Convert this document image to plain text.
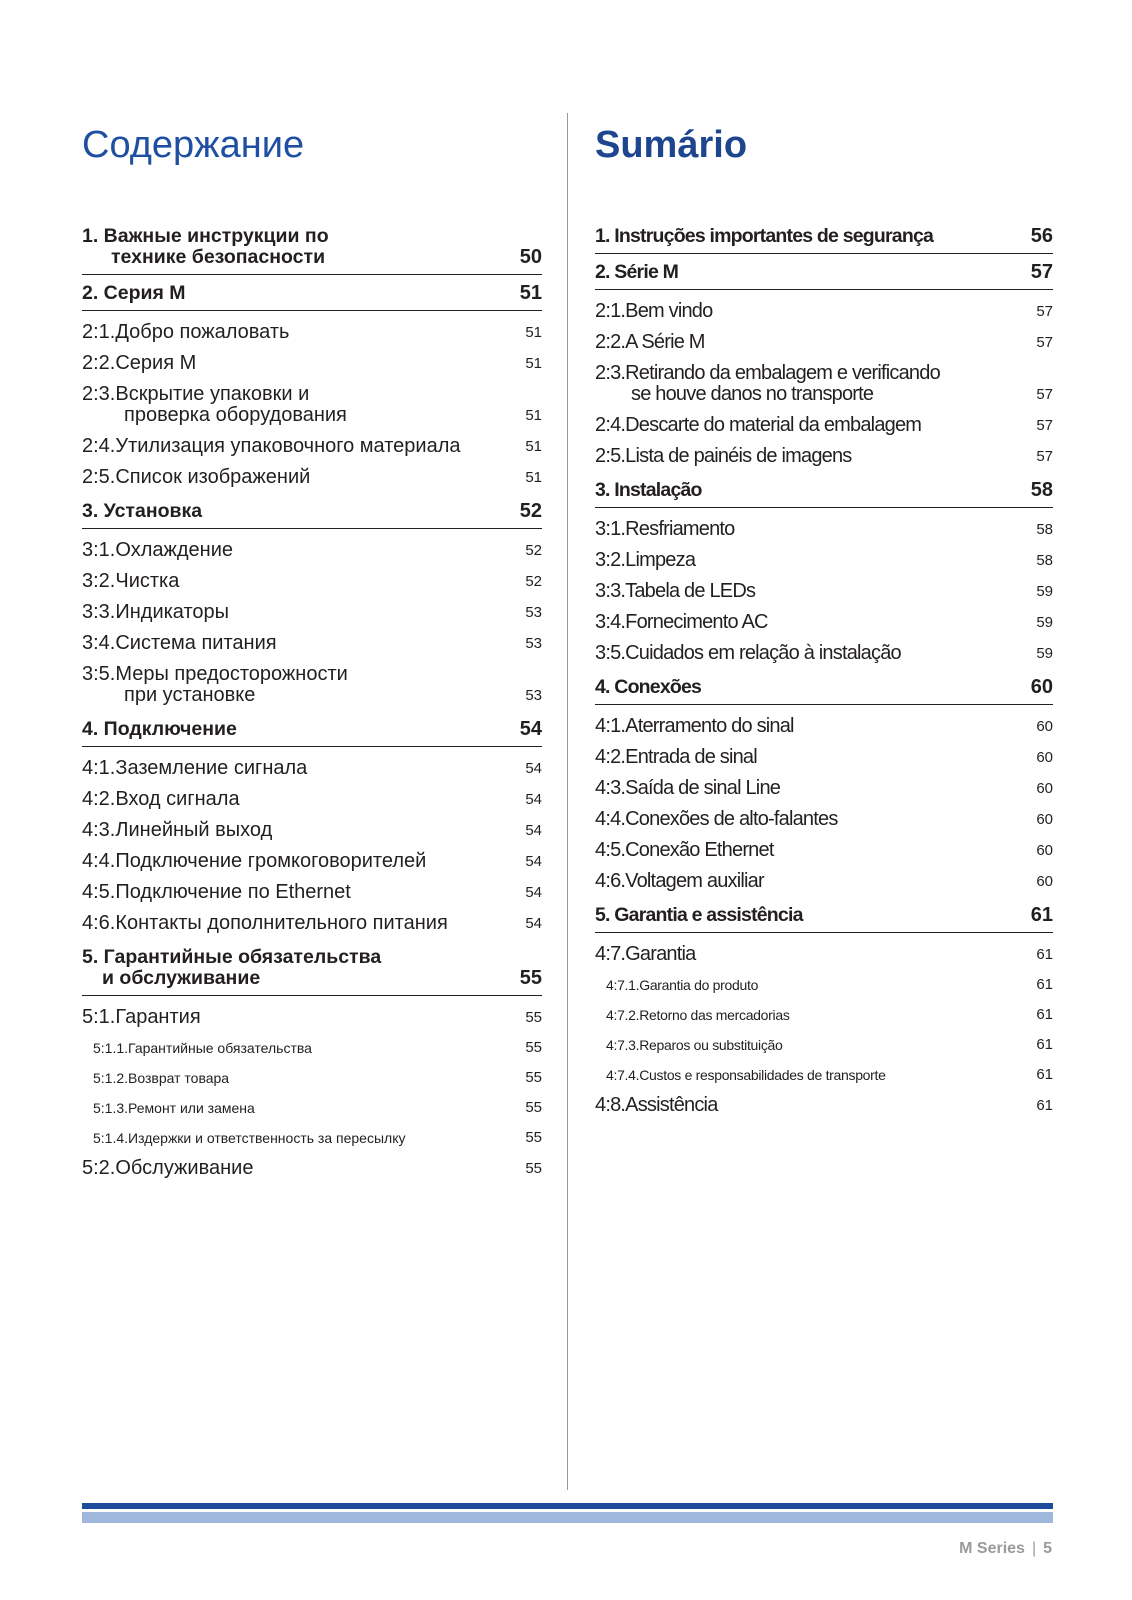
Содержание
1. Важные инструкции по
технике безопасности	50
2. Серия M	51
2:1.Добро пожаловать	51
2:2.Серия M	51
2:3.Вскрытие упаковки и
проверка оборудования	51
2:4.Утилизация упаковочного материала	51
2:5.Список изображений	51
3. Установка	52
3:1.Охлаждение	52
3:2.Чистка	52
3:3.Индикаторы	53
3:4.Система питания	53
3:5.Меры предосторожности
при установке	53
4. Подключение	54
4:1.Заземление сигнала	54
4:2.Вход сигнала	54
4:3.Линейный выход	54
4:4.Подключение громкоговорителей	54
4:5.Подключение по Ethernet	54
4:6.Контакты дополнительного питания	54
5. Гарантийные обязательства
и обслуживание	55
5:1.Гарантия	55
5:1.1.Гарантийные обязательства	55
5:1.2.Возврат товара	55
5:1.3.Ремонт или замена	55
5:1.4.Издержки и ответственность за пересылку	55
5:2.Обслуживание	55
Sumário
1. Instruções importantes de segurança	56
2. Série M	57
2:1.Bem vindo	57
2:2.A Série M	57
2:3.Retirando da embalagem e verificando
se houve danos no transporte	57
2:4.Descarte do material da embalagem	57
2:5.Lista de painéis de imagens	57
3. Instalação	58
3:1.Resfriamento	58
3:2.Limpeza	58
3:3.Tabela de LEDs	59
3:4.Fornecimento AC	59
3:5.Cuidados em relação à instalação	59
4. Conexões	60
4:1.Aterramento do sinal	60
4:2.Entrada de sinal	60
4:3.Saída de sinal Line	60
4:4.Conexões de alto-falantes	60
4:5.Conexão Ethernet	60
4:6.Voltagem auxiliar	60
5. Garantia e assistência	61
4:7.Garantia	61
4:7.1.Garantia do produto	61
4:7.2.Retorno das mercadorias	61
4:7.3.Reparos ou substituição	61
4:7.4.Custos e responsabilidades de transporte	61
4:8.Assistência	61
M Series | 5
